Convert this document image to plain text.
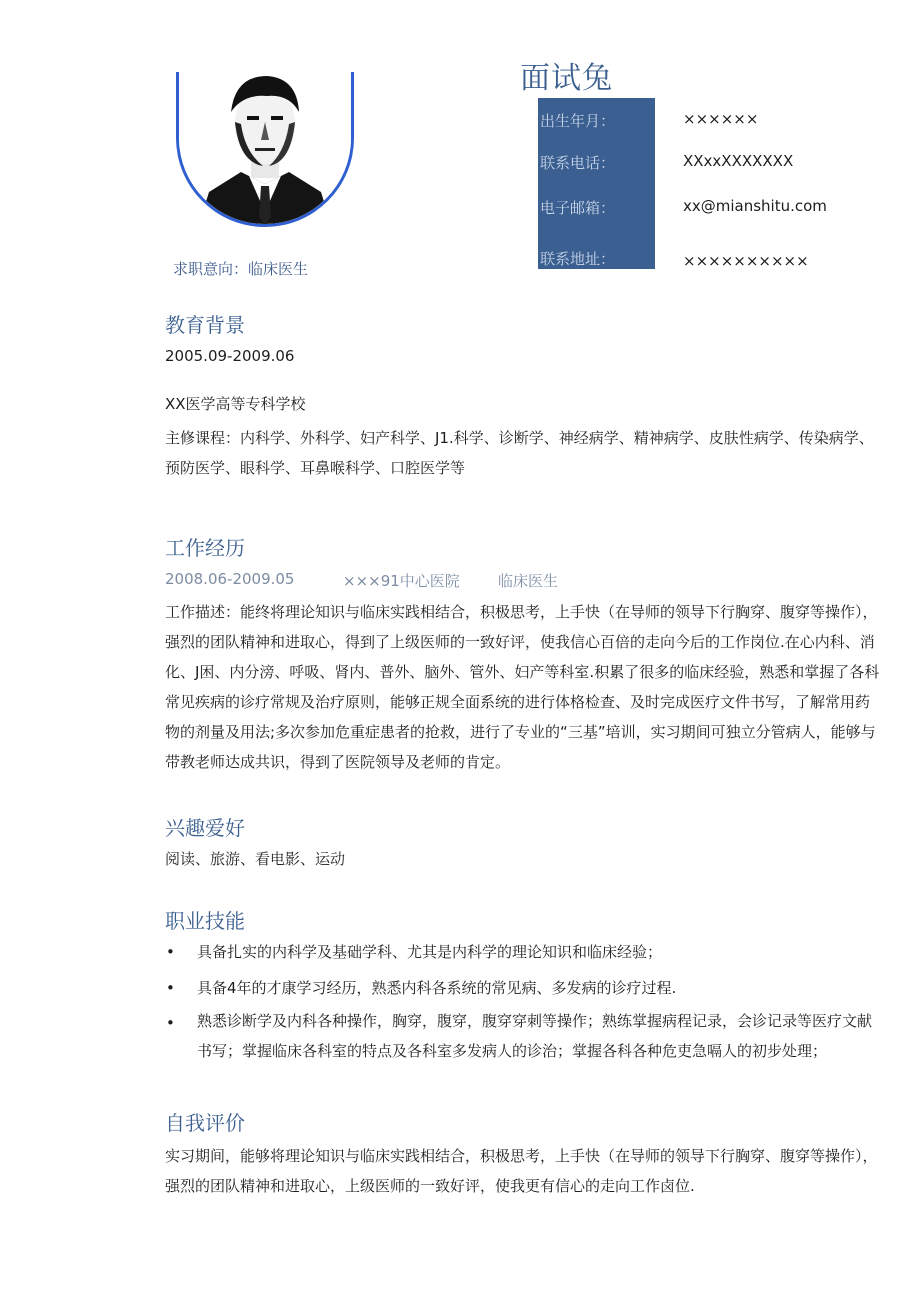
求职意向：临床医生
面试兔
出生年月：	××××××
联系电话：	XXxxXXXXXXX
电子邮箱：	xx@mianshitu.com
联系地址：	××××××××××
教育背景
2005.09-2009.06
XX医学高等专科学校
主修课程：内科学、外科学、妇产科学、J1.科学、诊断学、神经病学、精神病学、皮肤性病学、传染病学、预防医学、眼科学、耳鼻喉科学、口腔医学等
工作经历
2008.06-2009.05	×××91中心医院	临床医生
工作描述：能终将理论知识与临床实践相结合，积极思考，上手快（在导师的领导下行胸穿、腹穿等操作），强烈的团队精神和进取心，得到了上级医师的一致好评，使我信心百倍的走向今后的工作岗位.在心内科、消化、J困、内分滂、呼吸、肾内、普外、脑外、管外、妇产等科室.积累了很多的临床经验，熟悉和掌握了各科常见疾病的诊疗常规及治疗原则，能够正规全面系统的进行体格检查、及时完成医疗文件书写，了解常用药物的剂量及用法;多次参加危重症患者的抢救，进行了专业的“三基”培训，实习期间可独立分管病人，能够与带教老师达成共识，得到了医院领导及老师的肯定。
兴趣爱好
阅读、旅游、看电影、运动
职业技能
• 具备扎实的内科学及基础学科、尤其是内科学的理论知识和临床经验；
• 具备4年的才康学习经历，熟悉内科各系统的常见病、多发病的诊疗过程.
• 熟悉诊断学及内科各种操作，胸穿，腹穿，腹穿穿刺等操作；熟练掌握病程记录，会诊记录等医疗文献书写；掌握临床各科室的特点及各科室多发病人的诊治；掌握各科各种危吏急嗝人的初步处理；
自我评价
实习期间，能够将理论知识与临床实践相结合，积极思考，上手快（在导师的领导下行胸穿、腹穿等操作），强烈的团队精神和进取心，上级医师的一致好评，使我更有信心的走向工作卤位.
